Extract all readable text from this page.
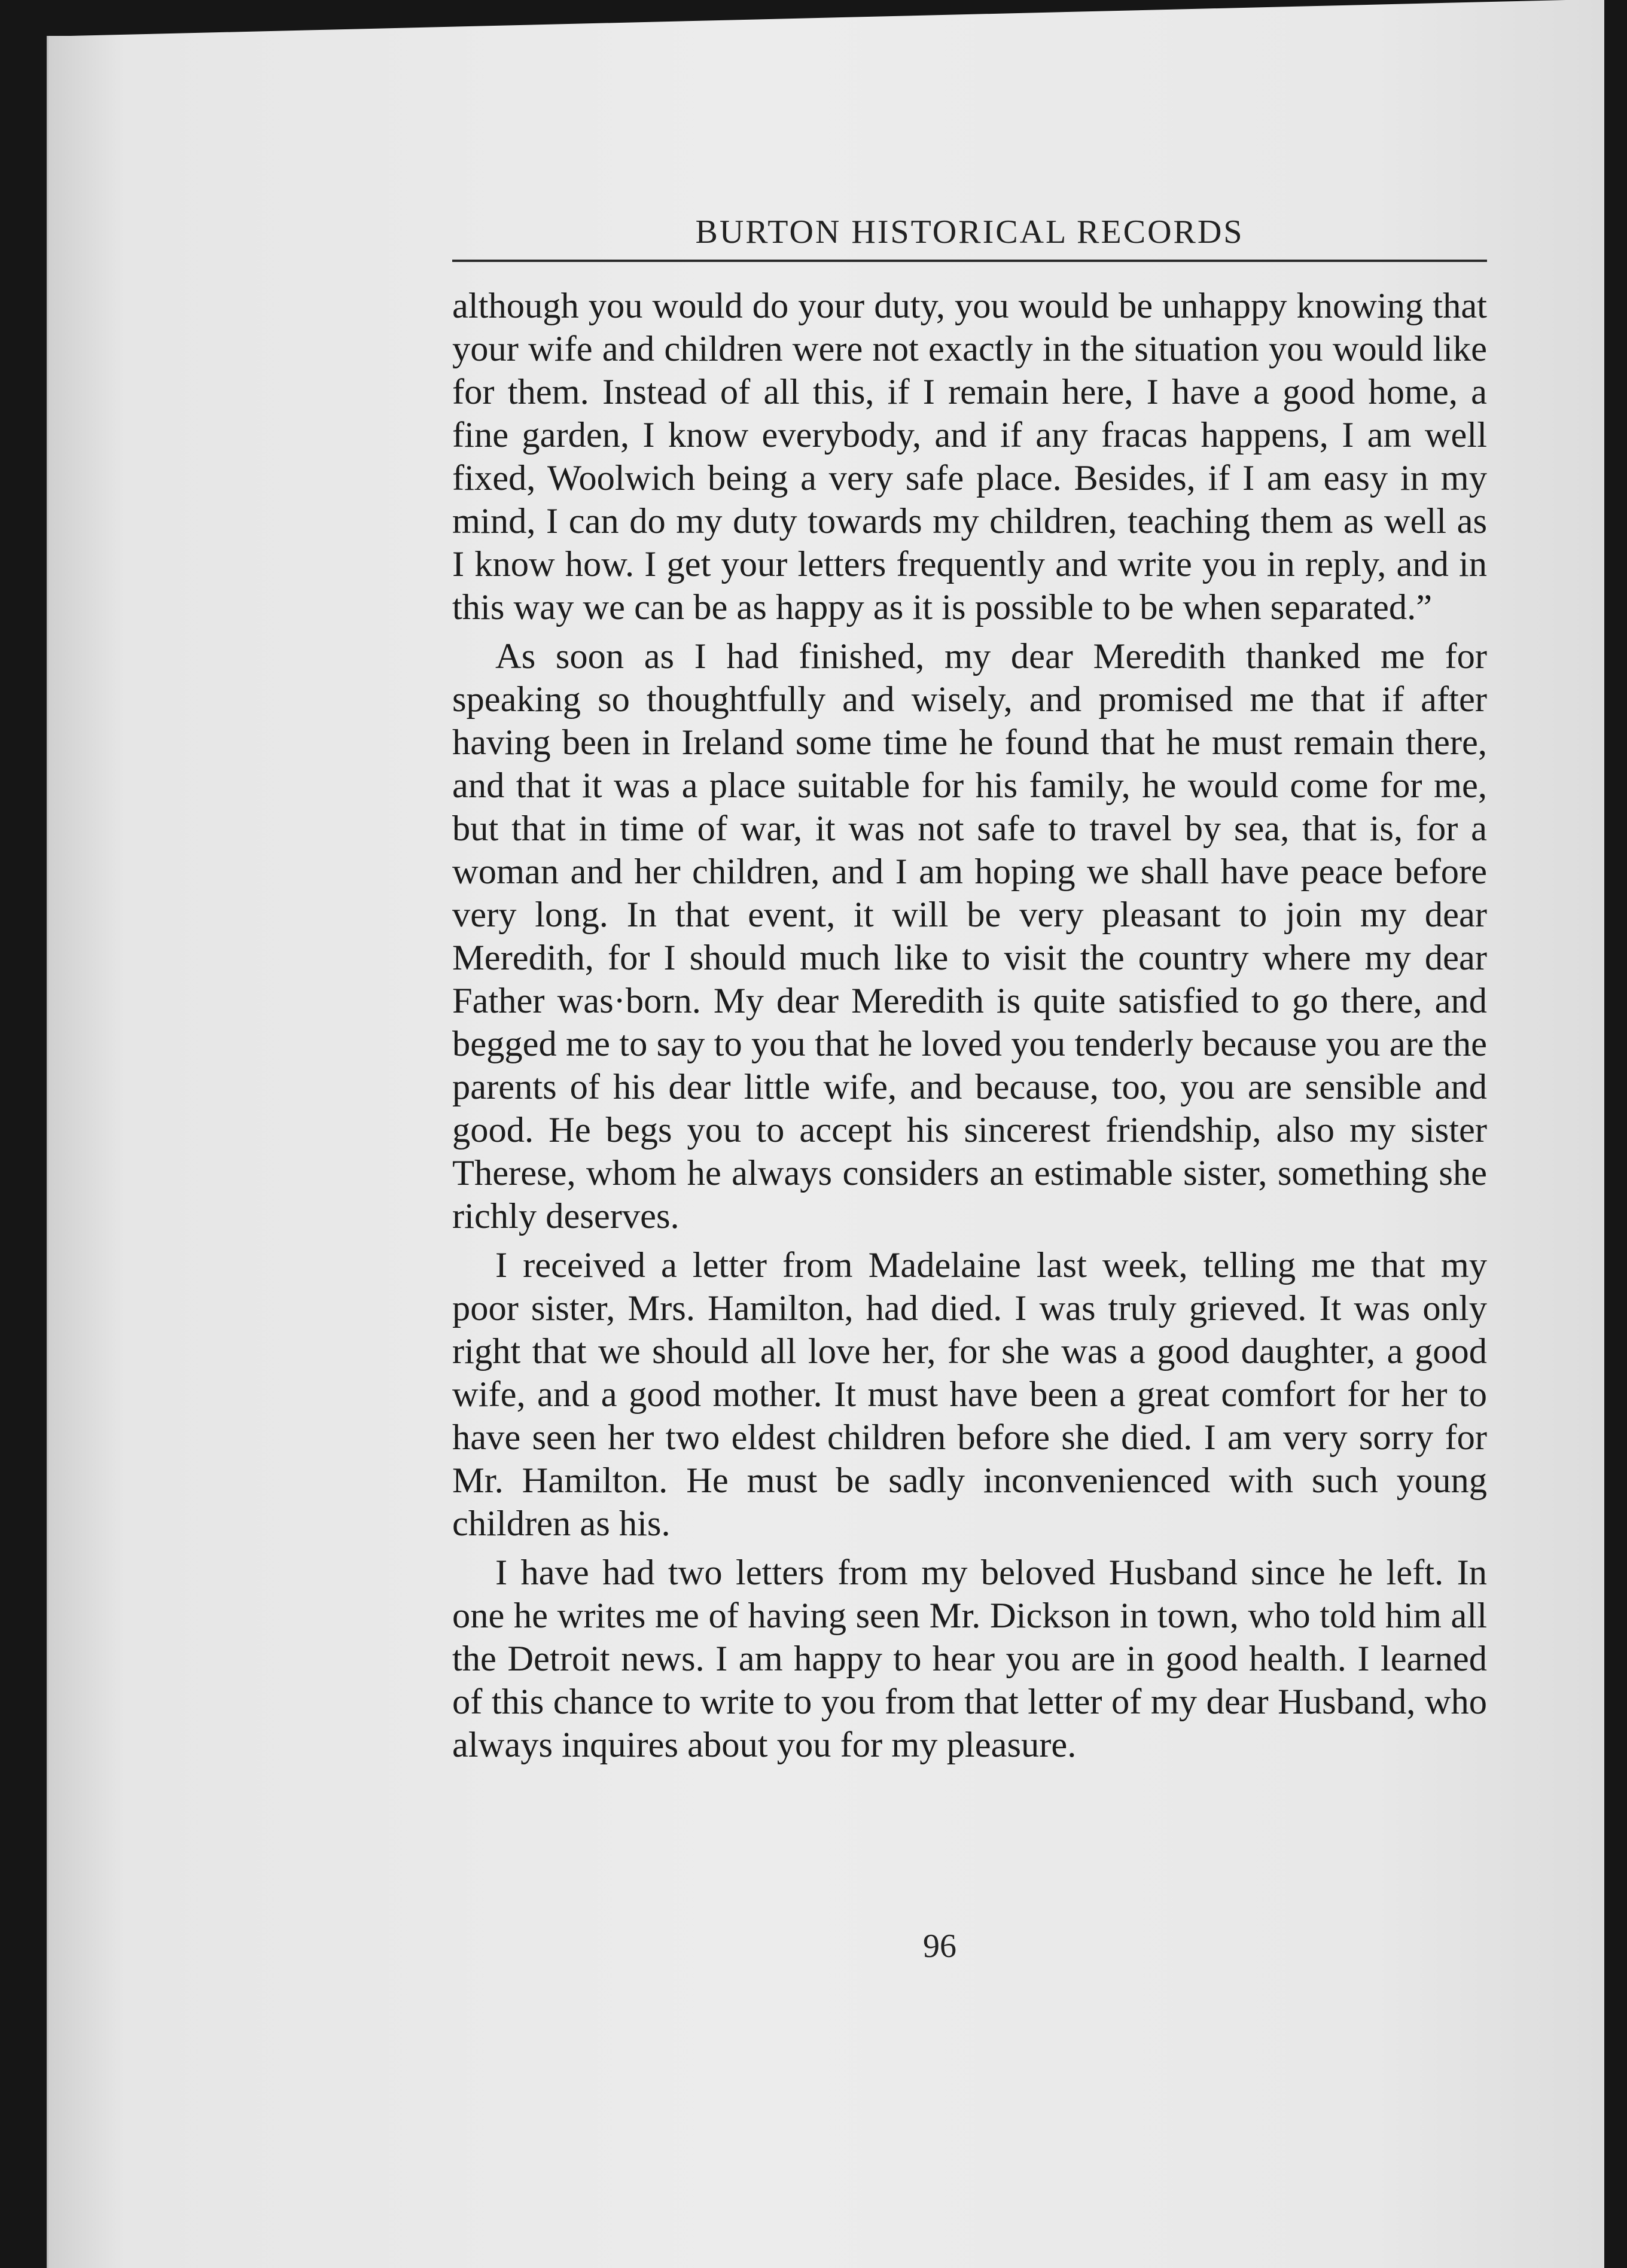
BURTON HISTORICAL RECORDS

although you would do your duty, you would be unhappy knowing that your wife and children were not exactly in the situation you would like for them. Instead of all this, if I remain here, I have a good home, a fine garden, I know everybody, and if any fracas happens, I am well fixed, Woolwich being a very safe place. Besides, if I am easy in my mind, I can do my duty towards my children, teaching them as well as I know how. I get your letters frequently and write you in reply, and in this way we can be as happy as it is possible to be when separated.”

As soon as I had finished, my dear Meredith thanked me for speaking so thoughtfully and wisely, and promised me that if after having been in Ireland some time he found that he must remain there, and that it was a place suitable for his family, he would come for me, but that in time of war, it was not safe to travel by sea, that is, for a woman and her children, and I am hoping we shall have peace before very long. In that event, it will be very pleasant to join my dear Meredith, for I should much like to visit the country where my dear Father was·born. My dear Meredith is quite satisfied to go there, and begged me to say to you that he loved you tenderly because you are the parents of his dear little wife, and because, too, you are sensible and good. He begs you to accept his sincerest friendship, also my sister Therese, whom he always considers an estimable sister, something she richly deserves.

I received a letter from Madelaine last week, telling me that my poor sister, Mrs. Hamilton, had died. I was truly grieved. It was only right that we should all love her, for she was a good daughter, a good wife, and a good mother. It must have been a great comfort for her to have seen her two eldest children before she died. I am very sorry for Mr. Hamilton. He must be sadly inconvenienced with such young children as his.

I have had two letters from my beloved Husband since he left. In one he writes me of having seen Mr. Dickson in town, who told him all the Detroit news. I am happy to hear you are in good health. I learned of this chance to write to you from that letter of my dear Husband, who always inquires about you for my pleasure.

96
